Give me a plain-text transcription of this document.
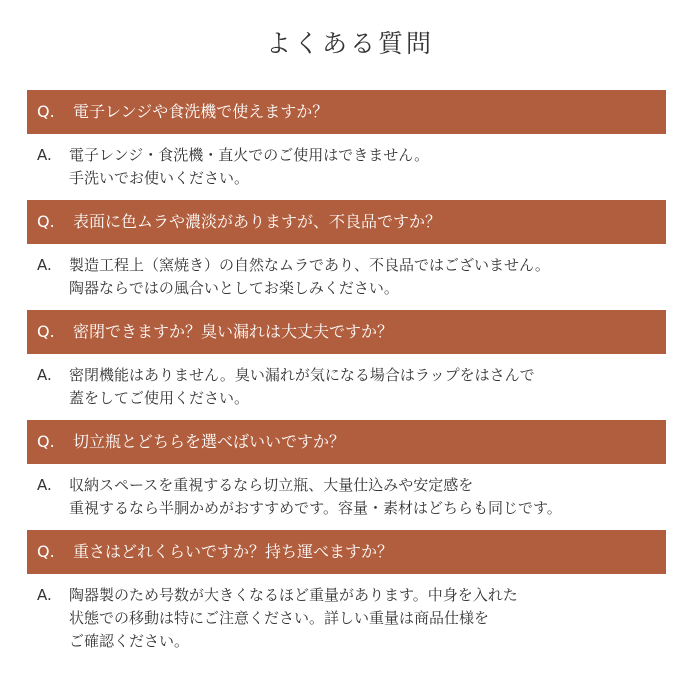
よくある質問
Q. 電子レンジや食洗機で使えますか？
A.	電子レンジ・食洗機・直火でのご使用はできません。
手洗いでお使いください。
Q. 表面に色ムラや濃淡がありますが、不良品ですか？
A.	製造工程上（窯焼き）の自然なムラであり、不良品ではございません。
陶器ならではの風合いとしてお楽しみください。
Q. 密閉できますか？臭い漏れは大丈夫ですか？
A.	密閉機能はありません。臭い漏れが気になる場合はラップをはさんで
蓋をしてご使用ください。
Q. 切立瓶とどちらを選べばいいですか？
A.	収納スペースを重視するなら切立瓶、大量仕込みや安定感を
重視するなら半胴かめがおすすめです。容量・素材はどちらも同じです。
Q. 重さはどれくらいですか？持ち運べますか？
A.	陶器製のため号数が大きくなるほど重量があります。中身を入れた
状態での移動は特にご注意ください。詳しい重量は商品仕様を
ご確認ください。
